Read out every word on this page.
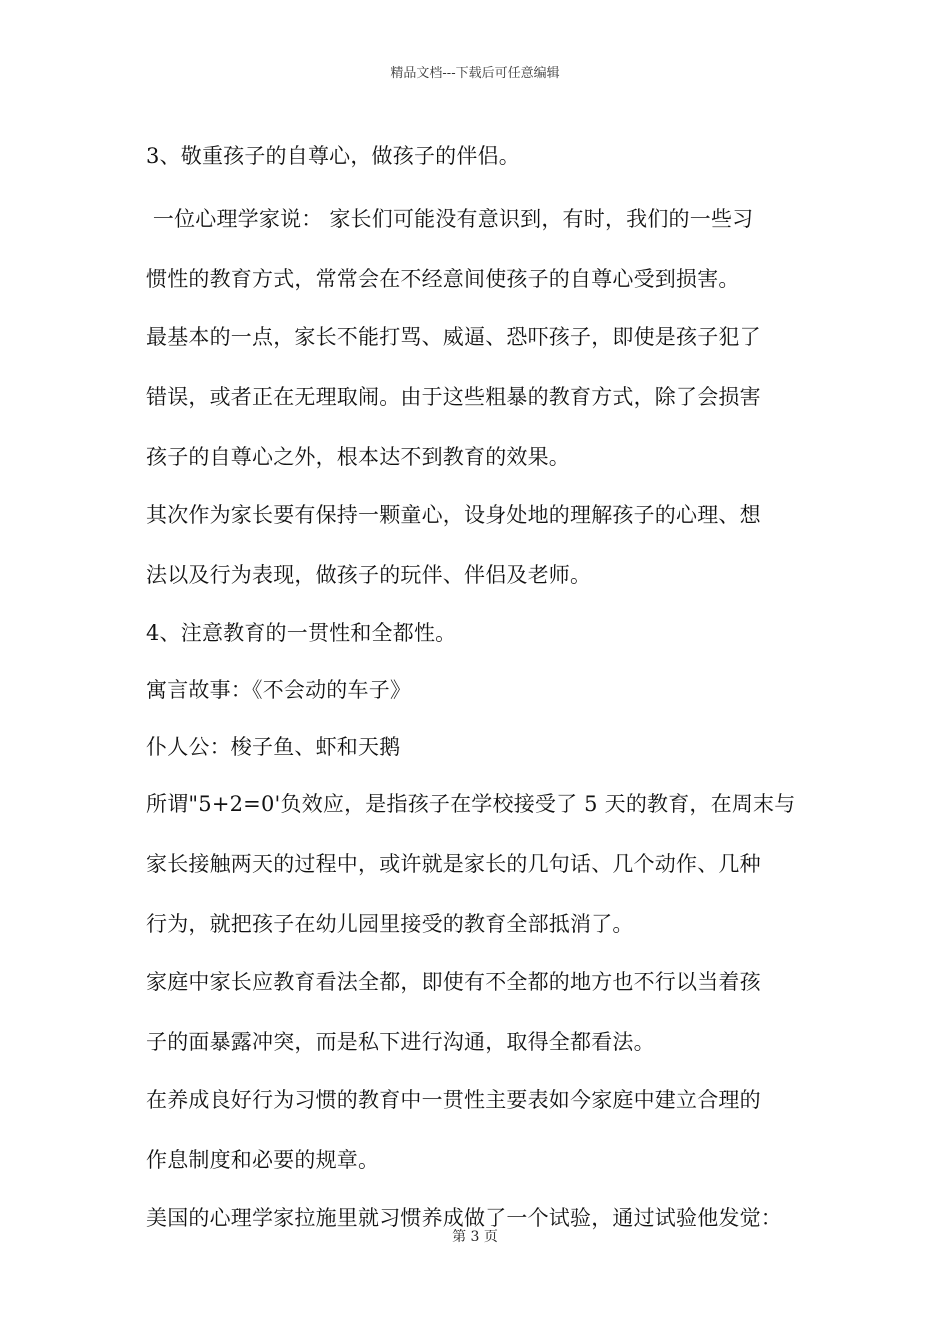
精品文档---下载后可任意编辑
3、敬重孩子的自尊心，做孩子的伴侣。
一位心理学家说： 家长们可能没有意识到，有时，我们的一些习
惯性的教育方式，常常会在不经意间使孩子的自尊心受到损害。
最基本的一点，家长不能打骂、威逼、恐吓孩子，即使是孩子犯了
错误，或者正在无理取闹。由于这些粗暴的教育方式，除了会损害
孩子的自尊心之外，根本达不到教育的效果。
其次作为家长要有保持一颗童心，设身处地的理解孩子的心理、想
法以及行为表现，做孩子的玩伴、伴侣及老师。
4、注意教育的一贯性和全都性。
寓言故事：《不会动的车子》
仆人公：梭子鱼、虾和天鹅
所谓"5+2=0'负效应，是指孩子在学校接受了 5 天的教育，在周末与
家长接触两天的过程中，或许就是家长的几句话、几个动作、几种
行为，就把孩子在幼儿园里接受的教育全部抵消了。
家庭中家长应教育看法全都，即使有不全都的地方也不行以当着孩
子的面暴露冲突，而是私下进行沟通，取得全都看法。
在养成良好行为习惯的教育中一贯性主要表如今家庭中建立合理的
作息制度和必要的规章。
美国的心理学家拉施里就习惯养成做了一个试验，通过试验他发觉：
第 3 页
